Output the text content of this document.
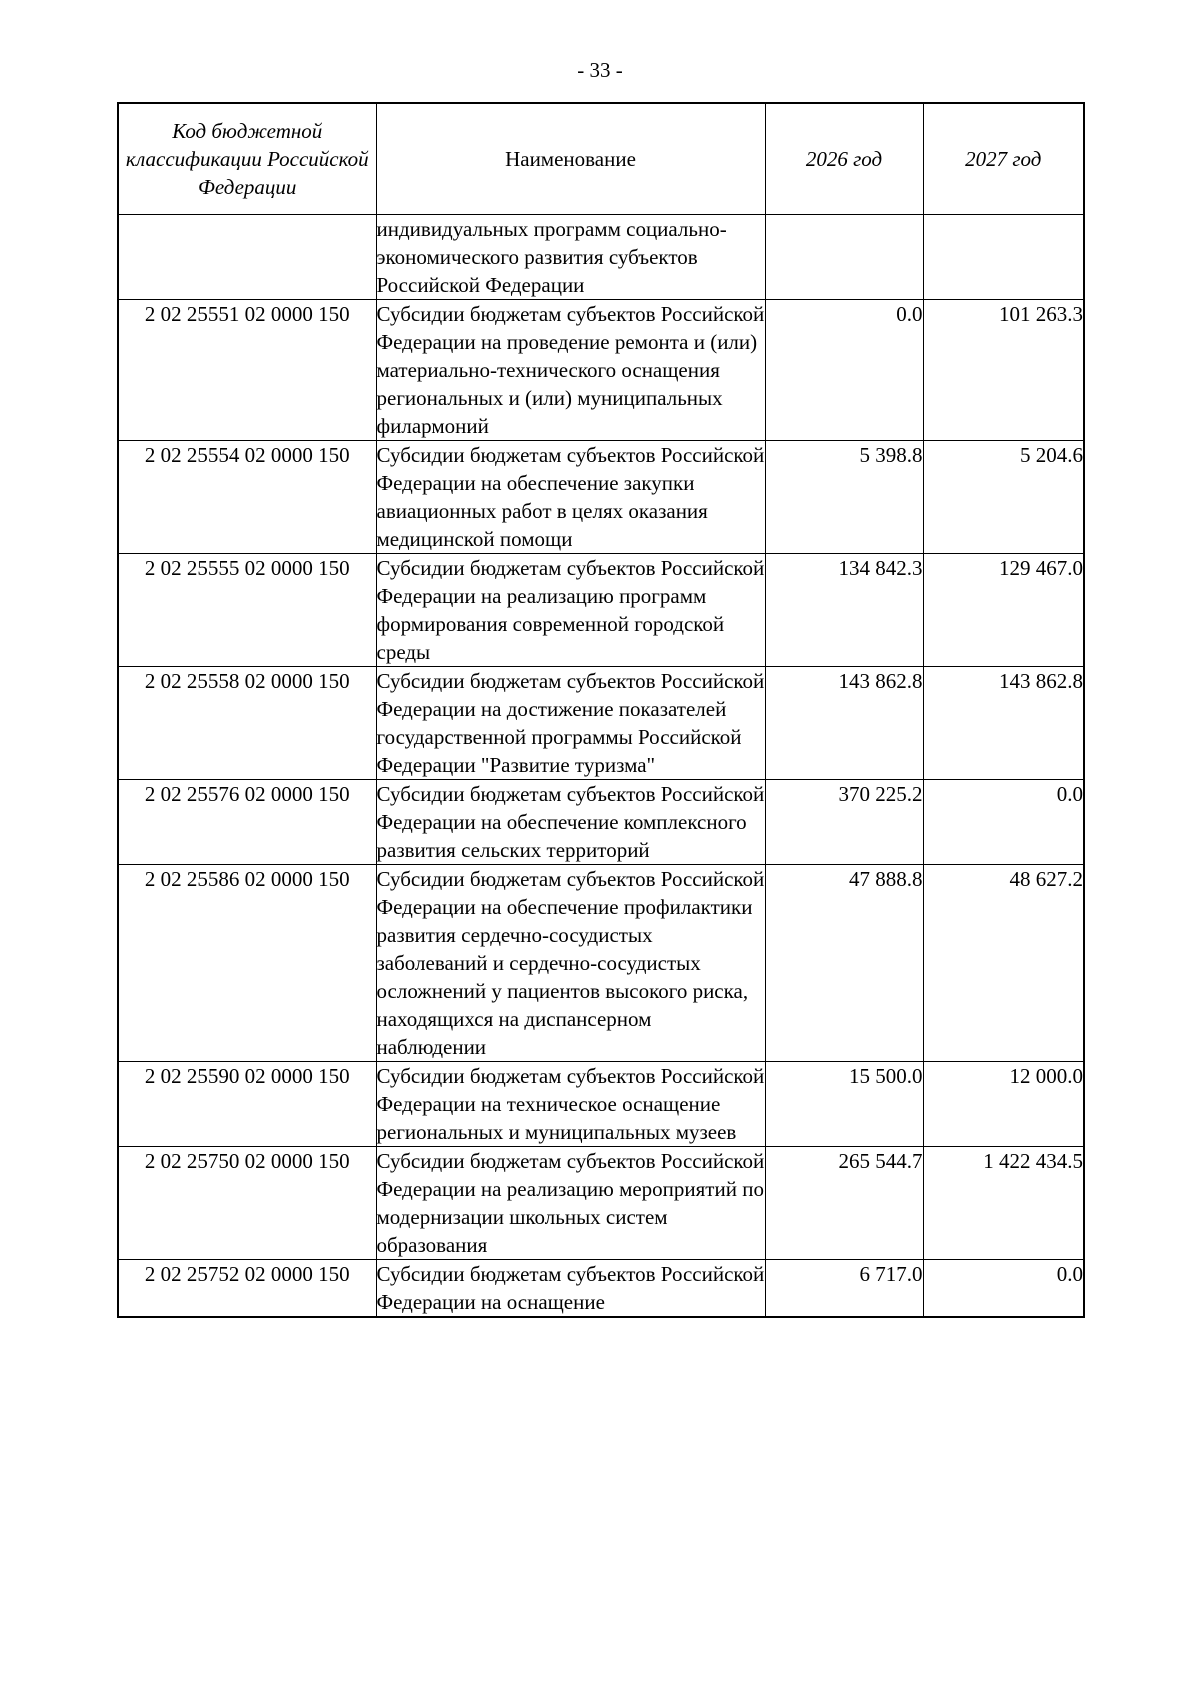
- 33 -
Код бюджетной классификации Российской Федерации	Наименование	2026 год	2027 год
	индивидуальных программ социально-экономического развития субъектов Российской Федерации		
2 02 25551 02 0000 150	Субсидии бюджетам субъектов Российской Федерации на проведение ремонта и (или) материально-технического оснащения региональных и (или) муниципальных филармоний	0.0	101 263.3
2 02 25554 02 0000 150	Субсидии бюджетам субъектов Российской Федерации на обеспечение закупки авиационных работ в целях оказания медицинской помощи	5 398.8	5 204.6
2 02 25555 02 0000 150	Субсидии бюджетам субъектов Российской Федерации на реализацию программ формирования современной городской среды	134 842.3	129 467.0
2 02 25558 02 0000 150	Субсидии бюджетам субъектов Российской Федерации на достижение показателей государственной программы Российской Федерации "Развитие туризма"	143 862.8	143 862.8
2 02 25576 02 0000 150	Субсидии бюджетам субъектов Российской Федерации на обеспечение комплексного развития сельских территорий	370 225.2	0.0
2 02 25586 02 0000 150	Субсидии бюджетам субъектов Российской Федерации на обеспечение профилактики развития сердечно-сосудистых заболеваний и сердечно-сосудистых осложнений у пациентов высокого риска, находящихся на диспансерном наблюдении	47 888.8	48 627.2
2 02 25590 02 0000 150	Субсидии бюджетам субъектов Российской Федерации на техническое оснащение региональных и муниципальных музеев	15 500.0	12 000.0
2 02 25750 02 0000 150	Субсидии бюджетам субъектов Российской Федерации на реализацию мероприятий по модернизации школьных систем образования	265 544.7	1 422 434.5
2 02 25752 02 0000 150	Субсидии бюджетам субъектов Российской Федерации на оснащение	6 717.0	0.0
